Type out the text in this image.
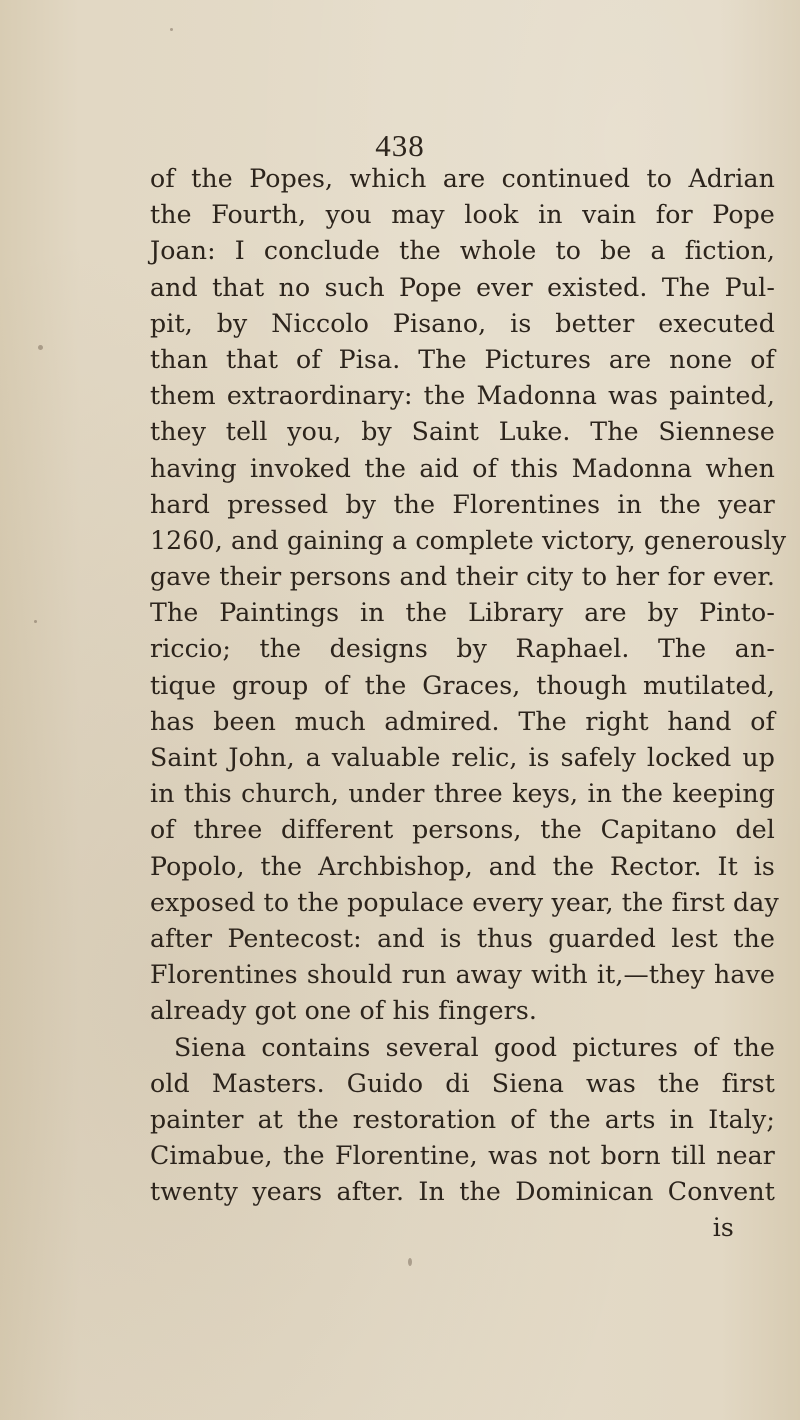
438
of the Popes, which are continued to Adrian
the Fourth, you may look in vain for Pope
Joan: I conclude the whole to be a fiction,
and that no such Pope ever existed. The Pul-
pit, by Niccolo Pisano, is better executed
than that of Pisa. The Pictures are none of
them extraordinary: the Madonna was painted,
they tell you, by Saint Luke. The Siennese
having invoked the aid of this Madonna when
hard pressed by the Florentines in the year
1260, and gaining a complete victory, generously
gave their persons and their city to her for ever.
The Paintings in the Library are by Pinto-
riccio; the designs by Raphael. The an-
tique group of the Graces, though mutilated,
has been much admired. The right hand of
Saint John, a valuable relic, is safely locked up
in this church, under three keys, in the keeping
of three different persons, the Capitano del
Popolo, the Archbishop, and the Rector. It is
exposed to the populace every year, the first day
after Pentecost: and is thus guarded lest the
Florentines should run away with it,—they have
already got one of his fingers.
Siena contains several good pictures of the
old Masters. Guido di Siena was the first
painter at the restoration of the arts in Italy;
Cimabue, the Florentine, was not born till near
twenty years after. In the Dominican Convent
is
